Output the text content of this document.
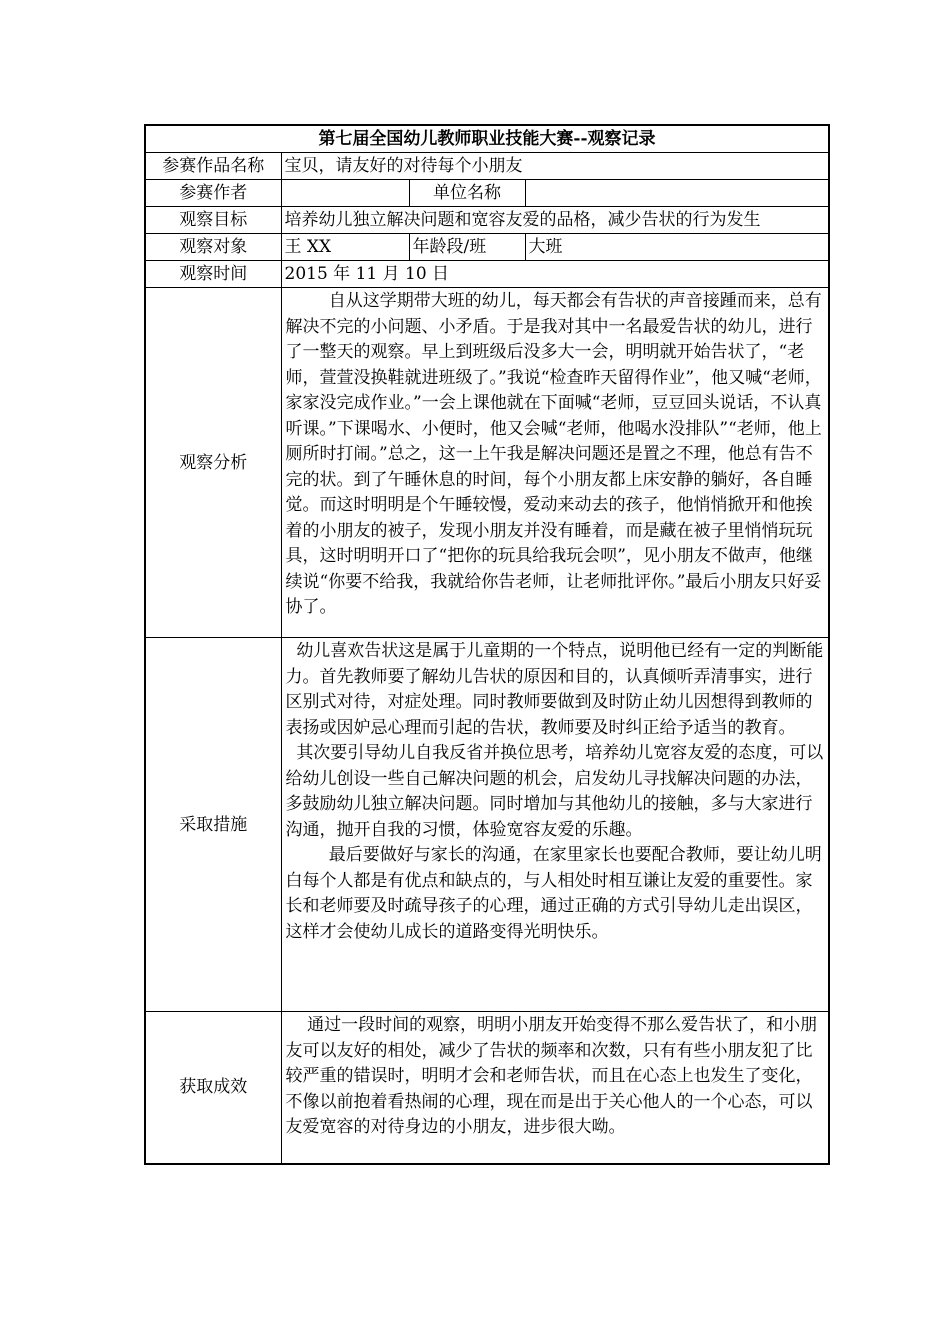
第七届全国幼儿教师职业技能大赛--观察记录			
参赛作品名称	宝贝，请友好的对待每个小朋友		
参赛作者		单位名称	
观察目标	培养幼儿独立解决问题和宽容友爱的品格，减少告状的行为发生		
观察对象	王 XX	年龄段/班	大班
观察时间	2015 年 11 月 10 日		
观察分析	自从这学期带大班的幼儿，每天都会有告状的声音接踵而来，总有解决不完的小问题、小矛盾。于是我对其中一名最爱告状的幼儿，进行了一整天的观察。早上到班级后没多大一会，明明就开始告状了，“老师，萱萱没换鞋就进班级了。”我说“检查昨天留得作业”，他又喊“老师，家家没完成作业。”一会上课他就在下面喊“老师，豆豆回头说话，不认真听课。”下课喝水、小便时，他又会喊“老师，他喝水没排队”“老师，他上厕所时打闹。”总之，这一上午我是解决问题还是置之不理，他总有告不完的状。到了午睡休息的时间，每个小朋友都上床安静的躺好，各自睡觉。而这时明明是个午睡较慢，爱动来动去的孩子，他悄悄掀开和他挨着的小朋友的被子，发现小朋友并没有睡着，而是藏在被子里悄悄玩玩具，这时明明开口了“把你的玩具给我玩会呗”，见小朋友不做声，他继续说“你要不给我，我就给你告老师，让老师批评你。”最后小朋友只好妥协了。		

采取措施	幼儿喜欢告状这是属于儿童期的一个特点，说明他已经有一定的判断能力。首先教师要了解幼儿告状的原因和目的，认真倾听弄清事实，进行区别式对待，对症处理。同时教师要做到及时防止幼儿因想得到教师的表扬或因妒忌心理而引起的告状，教师要及时纠正给予适当的教育。

其次要引导幼儿自我反省并换位思考，培养幼儿宽容友爱的态度，可以给幼儿创设一些自己解决问题的机会，启发幼儿寻找解决问题的办法，多鼓励幼儿独立解决问题。同时增加与其他幼儿的接触，多与大家进行沟通，抛开自我的习惯，体验宽容友爱的乐趣。

最后要做好与家长的沟通，在家里家长也要配合教师，要让幼儿明白每个人都是有优点和缺点的，与人相处时相互谦让友爱的重要性。家长和老师要及时疏导孩子的心理，通过正确的方式引导幼儿走出误区，这样才会使幼儿成长的道路变得光明快乐。		

获取成效	通过一段时间的观察，明明小朋友开始变得不那么爱告状了，和小朋友可以友好的相处，减少了告状的频率和次数，只有有些小朋友犯了比较严重的错误时，明明才会和老师告状，而且在心态上也发生了变化，不像以前抱着看热闹的心理，现在而是出于关心他人的一个心态，可以友爱宽容的对待身边的小朋友，进步很大呦。		
